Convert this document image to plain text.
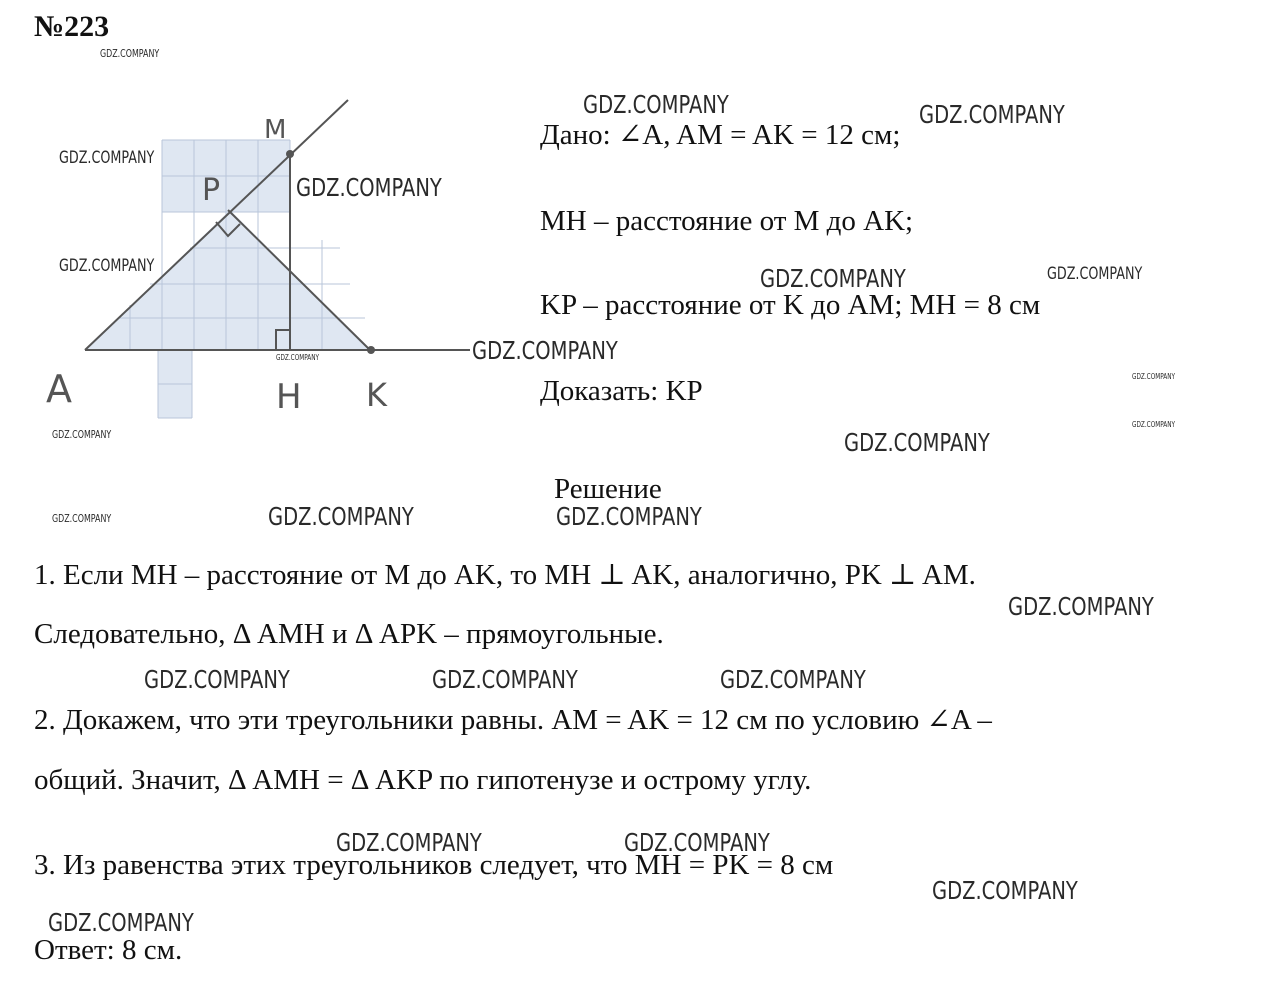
№223
M
P
A	H K
Дано: ∠A, AM = AK = 12 см;
MH – расстояние от M до AK;
KP – расстояние от K до AM; MH = 8 см
Доказать: KP
Решение
1. Если MH – расстояние от M до AK, то MH ⊥ AK, аналогично, PK ⊥ AM.
Следовательно, Δ AMH и Δ APK – прямоугольные.
2. Докажем, что эти треугольники равны. AM = AK = 12 см по условию ∠A –
общий. Значит, Δ AMH = Δ AKP по гипотенузе и острому углу.
3. Из равенства этих треугольников следует, что MH = PK = 8 см
Ответ: 8 см.
GDZ.COMPANY
GDZ.COMPANY	GDZ.COMPANY
GDZ.COMPANY
GDZ.COMPANY
GDZ.COMPANY	GDZ.COMPANY	GDZ.COMPANY
GDZ.COMPANY
GDZ.COMPANY
GDZ.COMPANY
GDZ.COMPANY
GDZ.COMPANY	GDZ.COMPANY
GDZ.COMPANY	GDZ.COMPANY	GDZ.COMPANY
GDZ.COMPANY
GDZ.COMPANY	GDZ.COMPANY	GDZ.COMPANY
GDZ.COMPANY	GDZ.COMPANY
GDZ.COMPANY
GDZ.COMPANY
